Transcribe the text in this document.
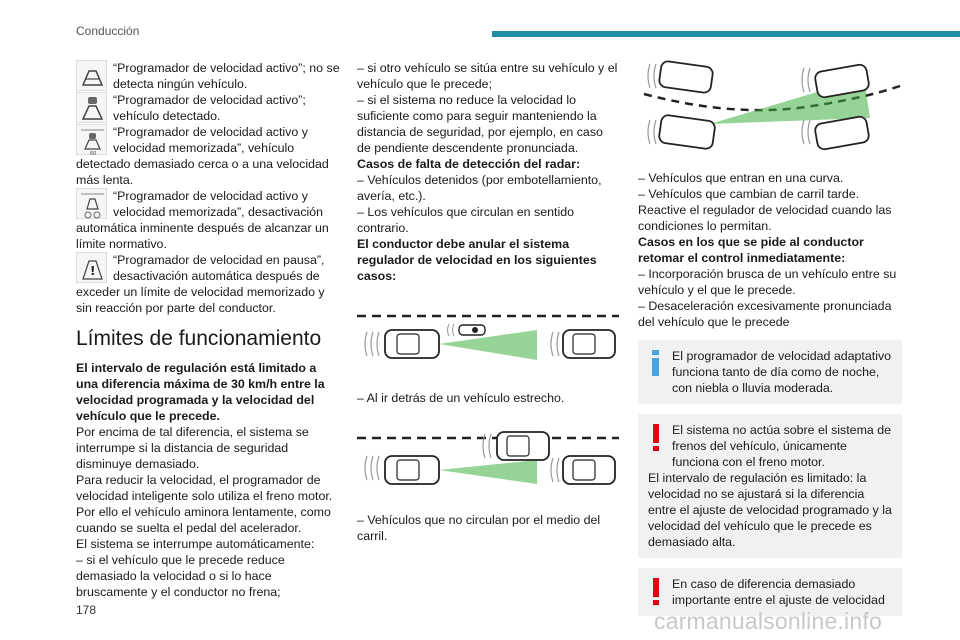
Conducción

“Programador de velocidad activo”; no se detecta ningún vehículo.

“Programador de velocidad activo”; vehículo detectado.

60

“Programador de velocidad activo y velocidad memorizada”, vehículo detectado demasiado cerca o a una velocidad más lenta.

“Programador de velocidad activo y velocidad memorizada”, desactivación automática inminente después de alcanzar un límite normativo.

!

“Programador de velocidad en pausa”, desactivación automática después de exceder un límite de velocidad memorizado y sin reacción por parte del conductor.

Límites de funcionamiento

El intervalo de regulación está limitado a una diferencia máxima de 30 km/h entre la velocidad programada y la velocidad del vehículo que le precede.

Por encima de tal diferencia, el sistema se interrumpe si la distancia de seguridad disminuye demasiado.

Para reducir la velocidad, el programador de velocidad inteligente solo utiliza el freno motor. Por ello el vehículo aminora lentamente, como cuando se suelta el pedal del acelerador.

El sistema se interrumpe automáticamente:

– si el vehículo que le precede reduce demasiado la velocidad o si lo hace bruscamente y el conductor no frena;

– si otro vehículo se sitúa entre su vehículo y el vehículo que le precede;

– si el sistema no reduce la velocidad lo suficiente como para seguir manteniendo la distancia de seguridad, por ejemplo, en caso de pendiente descendente pronunciada.

Casos de falta de detección del radar:

– Vehículos detenidos (por embotellamiento, avería, etc.).

– Los vehículos que circulan en sentido contrario.

El conductor debe anular el sistema regulador de velocidad en los siguientes casos:

– Al ir detrás de un vehículo estrecho.

– Vehículos que no circulan por el medio del carril.

– Vehículos que entran en una curva.

– Vehículos que cambian de carril tarde.

Reactive el regulador de velocidad cuando las condiciones lo permitan.

Casos en los que se pide al conductor retomar el control inmediatamente:

– Incorporación brusca de un vehículo entre su vehículo y el que le precede.

– Desaceleración excesivamente pronunciada del vehículo que le precede

El programador de velocidad adaptativo funciona tanto de día como de noche, con niebla o lluvia moderada.
El sistema no actúa sobre el sistema de frenos del vehículo, únicamente funciona con el freno motor.

El intervalo de regulación es limitado: la velocidad no se ajustará si la diferencia entre el ajuste de velocidad programado y la velocidad del vehículo que le precede es demasiado alta.

En caso de diferencia demasiado importante entre el ajuste de velocidad
178	carmanualsonline.info
